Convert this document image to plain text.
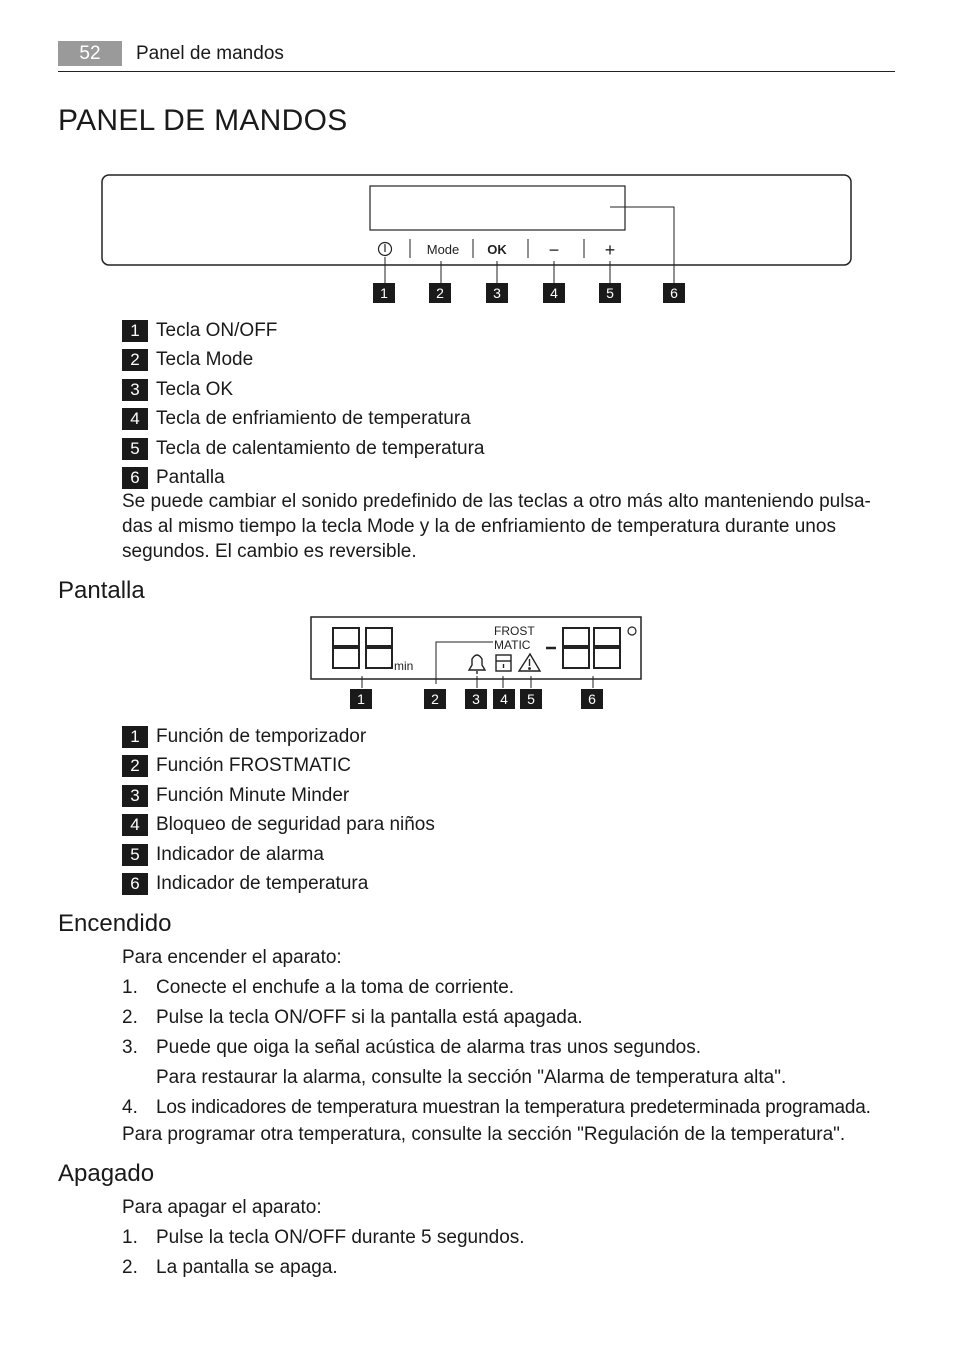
52	Panel de mandos
PANEL DE MANDOS
Mode OK −	+
1	2	3	4	5	6
1 Tecla ON/OFF
2 Tecla Mode
3 Tecla OK
4 Tecla de enfriamiento de temperatura
5 Tecla de calentamiento de temperatura
6 Pantalla
Se puede cambiar el sonido predefinido de las teclas a otro más alto manteniendo pulsa-das al mismo tiempo la tecla Mode y la de enfriamiento de temperatura durante unos segundos. El cambio es reversible.
Pantalla
min
FROST
MATIC
1	2 3 4 5	6
1 Función de temporizador
2 Función FROSTMATIC
3 Función Minute Minder
4 Bloqueo de seguridad para niños
5 Indicador de alarma
6 Indicador de temperatura
Encendido
Para encender el aparato:
1. Conecte el enchufe a la toma de corriente.
2. Pulse la tecla ON/OFF si la pantalla está apagada.
3. Puede que oiga la señal acústica de alarma tras unos segundos.
Para restaurar la alarma, consulte la sección "Alarma de temperatura alta".
4. Los indicadores de temperatura muestran la temperatura predeterminada programada.
Para programar otra temperatura, consulte la sección "Regulación de la temperatura".
Apagado
Para apagar el aparato:
1. Pulse la tecla ON/OFF durante 5 segundos.
2. La pantalla se apaga.
